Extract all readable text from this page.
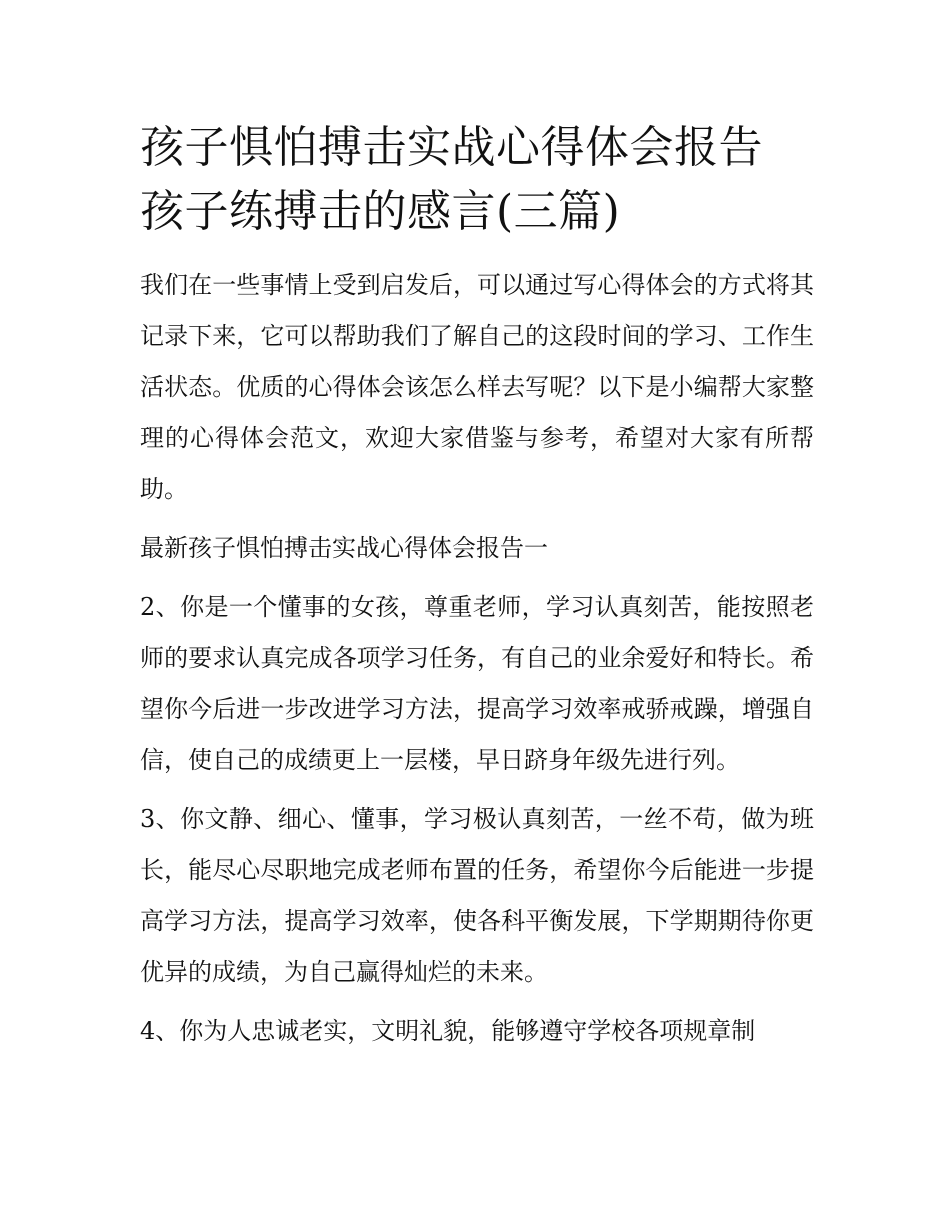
孩子惧怕搏击实战心得体会报告 孩子练搏击的感言(三篇)

我们在一些事情上受到启发后，可以通过写心得体会的方式将其记录下来，它可以帮助我们了解自己的这段时间的学习、工作生活状态。优质的心得体会该怎么样去写呢？以下是小编帮大家整理的心得体会范文，欢迎大家借鉴与参考，希望对大家有所帮助。

最新孩子惧怕搏击实战心得体会报告一

2、你是一个懂事的女孩，尊重老师，学习认真刻苦，能按照老师的要求认真完成各项学习任务，有自己的业余爱好和特长。希望你今后进一步改进学习方法，提高学习效率戒骄戒躁，增强自信，使自己的成绩更上一层楼，早日跻身年级先进行列。

3、你文静、细心、懂事，学习极认真刻苦，一丝不苟，做为班长，能尽心尽职地完成老师布置的任务，希望你今后能进一步提高学习方法，提高学习效率，使各科平衡发展，下学期期待你更优异的成绩，为自己赢得灿烂的未来。

4、你为人忠诚老实，文明礼貌，能够遵守学校各项规章制
